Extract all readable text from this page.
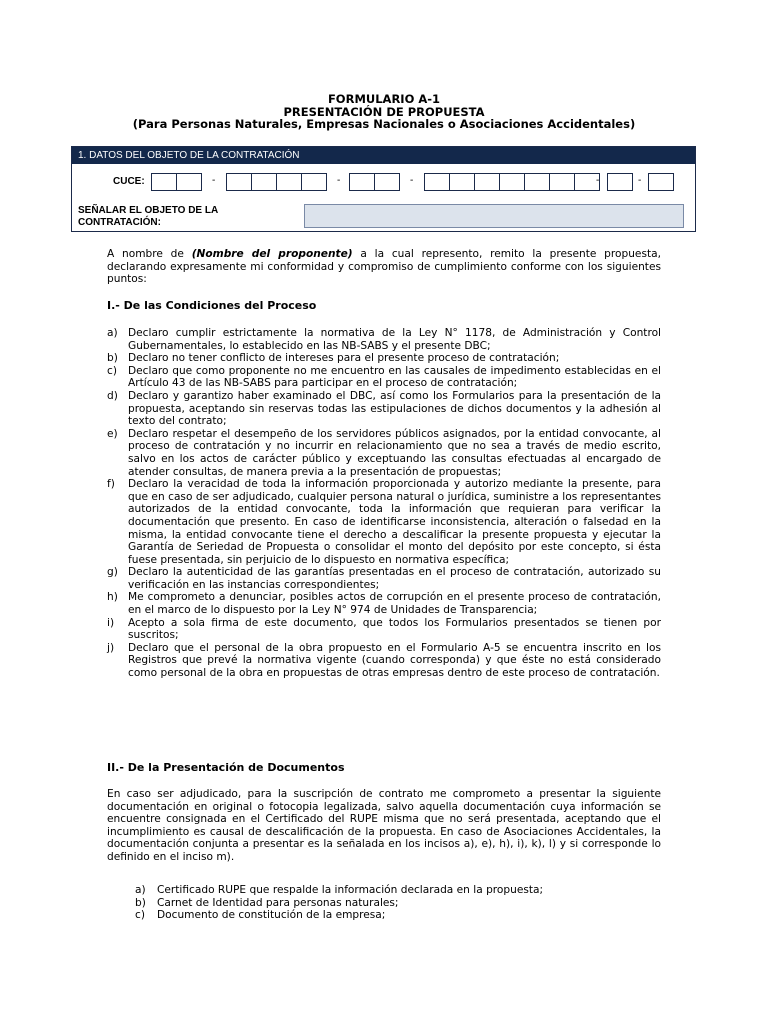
FORMULARIO A-1
PRESENTACIÓN DE PROPUESTA
(Para Personas Naturales, Empresas Nacionales o Asociaciones Accidentales)
1. DATOS DEL OBJETO DE LA CONTRATACIÓN
CUCE:	-	-	-	-	-
SEÑALAR EL OBJETO DE LA
CONTRATACIÓN:
A nombre de (Nombre del proponente) a la cual represento, remito la presente propuesta, declarando expresamente mi conformidad y compromiso de cumplimiento conforme con los siguientes puntos:
I.- De las Condiciones del Proceso
a) Declaro cumplir estrictamente la normativa de la Ley N° 1178, de Administración y Control Gubernamentales, lo establecido en las NB-SABS y el presente DBC;
b) Declaro no tener conflicto de intereses para el presente proceso de contratación;
c) Declaro que como proponente no me encuentro en las causales de impedimento establecidas en el Artículo 43 de las NB-SABS para participar en el proceso de contratación;
d) Declaro y garantizo haber examinado el DBC, así como los Formularios para la presentación de la propuesta, aceptando sin reservas todas las estipulaciones de dichos documentos y la adhesión al texto del contrato;
e) Declaro respetar el desempeño de los servidores públicos asignados, por la entidad convocante, al proceso de contratación y no incurrir en relacionamiento que no sea a través de medio escrito, salvo en los actos de carácter público y exceptuando las consultas efectuadas al encargado de atender consultas, de manera previa a la presentación de propuestas;
f) Declaro la veracidad de toda la información proporcionada y autorizo mediante la presente, para que en caso de ser adjudicado, cualquier persona natural o jurídica, suministre a los representantes autorizados de la entidad convocante, toda la información que requieran para verificar la documentación que presento. En caso de identificarse inconsistencia, alteración o falsedad en la misma, la entidad convocante tiene el derecho a descalificar la presente propuesta y ejecutar la Garantía de Seriedad de Propuesta o consolidar el monto del depósito por este concepto, si ésta fuese presentada, sin perjuicio de lo dispuesto en normativa específica;
g) Declaro la autenticidad de las garantías presentadas en el proceso de contratación, autorizado su verificación en las instancias correspondientes;
h) Me comprometo a denunciar, posibles actos de corrupción en el presente proceso de contratación, en el marco de lo dispuesto por la Ley N° 974 de Unidades de Transparencia;
i) Acepto a sola firma de este documento, que todos los Formularios presentados se tienen por suscritos;
j) Declaro que el personal de la obra propuesto en el Formulario A-5 se encuentra inscrito en los Registros que prevé la normativa vigente (cuando corresponda) y que éste no está considerado como personal de la obra en propuestas de otras empresas dentro de este proceso de contratación.
II.- De la Presentación de Documentos
En caso ser adjudicado, para la suscripción de contrato me comprometo a presentar la siguiente documentación en original o fotocopia legalizada, salvo aquella documentación cuya información se encuentre consignada en el Certificado del RUPE misma que no será presentada, aceptando que el incumplimiento es causal de descalificación de la propuesta. En caso de Asociaciones Accidentales, la documentación conjunta a presentar es la señalada en los incisos a), e), h), i), k), l) y si corresponde lo definido en el inciso m).
a) Certificado RUPE que respalde la información declarada en la propuesta;
b) Carnet de Identidad para personas naturales;
c) Documento de constitución de la empresa;
